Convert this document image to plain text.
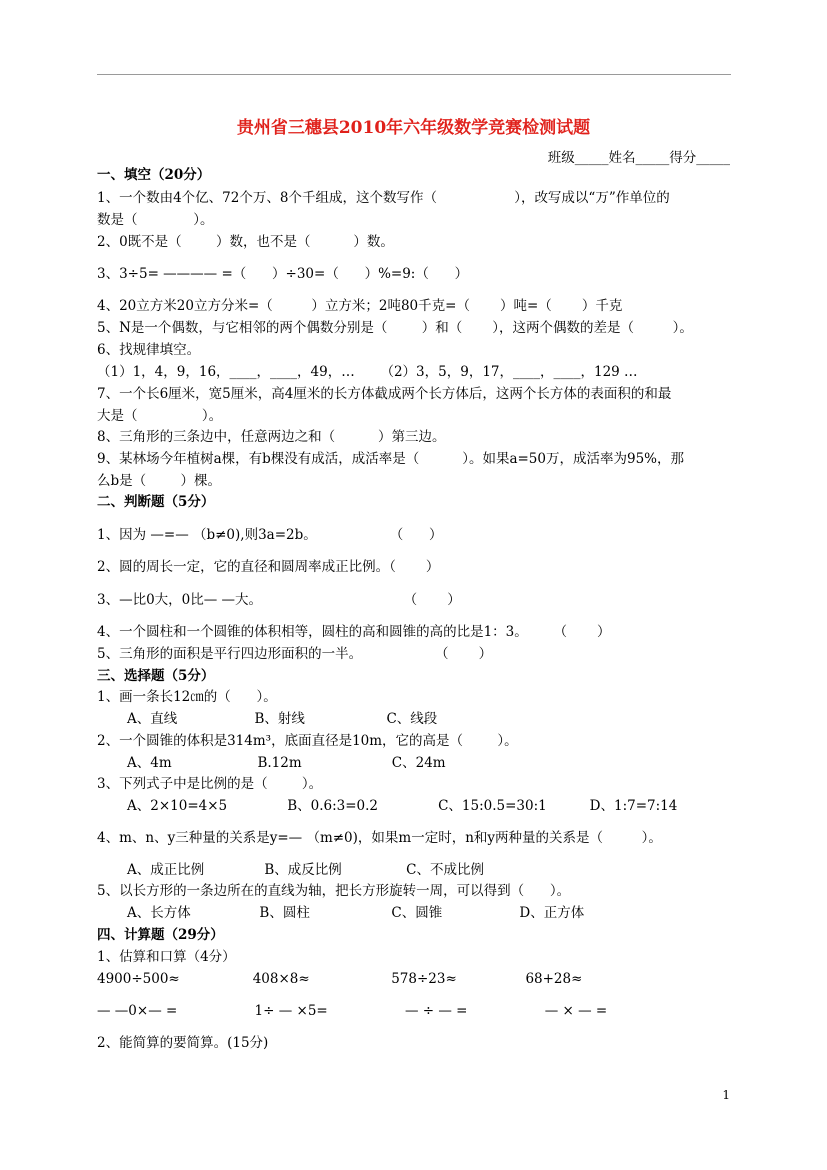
贵州省三穗县2010年六年级数学竞赛检测试题
班级_____姓名_____得分_____
一、填空（20分）
1、一个数由4个亿、72个万、8个千组成，这个数写作（                  ），改写成以“万”作单位的
数是（             ）。
2、0既不是（        ）数，也不是（          ）数。
3、3÷5= ———— =（      ）÷30=（      ）%=9:（      ）
4、20立方米20立方分米=（         ）立方米；2吨80千克=（       ）吨=（       ）千克
5、N是一个偶数，与它相邻的两个偶数分别是（        ）和（       ），这两个偶数的差是（         ）。
6、找规律填空。
（1）1，4，9，16，____，____，49，…      （2）3，5，9，17，____，____，129 …
7、一个长6厘米，宽5厘米，高4厘米的长方体截成两个长方体后，这两个长方体的表面积的和最
大是（               ）。
8、三角形的三条边中，任意两边之和（          ）第三边。
9、某林场今年植树a棵，有b棵没有成活，成活率是（          ）。如果a=50万，成活率为95%，那
么b是（        ）棵。
二、判断题（5分）
1、因为 —=— （b≠0),则3a=2b。                 （      ）
2、圆的周长一定，它的直径和圆周率成正比例。（       ）
3、—比0大，0比— —大。                                 （       ）
4、一个圆柱和一个圆锥的体积相等，圆柱的高和圆锥的高的比是1：3。      （       ）
5、三角形的面积是平行四边形面积的一半。                 （       ）
三、选择题（5分）
1、画一条长12㎝的（      ）。
A、直线                  B、射线                   C、线段
2、一个圆锥的体积是314m³，底面直径是10m，它的高是（        ）。
A、4m                    B.12m                     C、24m
3、下列式子中是比例的是（        ）。
A、2×10=4×5              B、0.6:3=0.2              C、15:0.5=30:1          D、1:7=7:14
4、m、n、y三种量的关系是y=— （m≠0)，如果m一定时，n和y两种量的关系是（         ）。
A、成正比例              B、成反比例               C、不成比例
5、以长方形的一条边所在的直线为轴，把长方形旋转一周，可以得到（      ）。
A、长方体                B、圆柱                   C、圆锥                  D、正方体
四、计算题（29分）
1、估算和口算（4分）
4900÷500≈                 408×8≈                   578÷23≈                68+28≈
— —0×— =                  1÷ — ×5=                  — ÷ — =                  — × — =
2、能简算的要简算。(15分)
1
